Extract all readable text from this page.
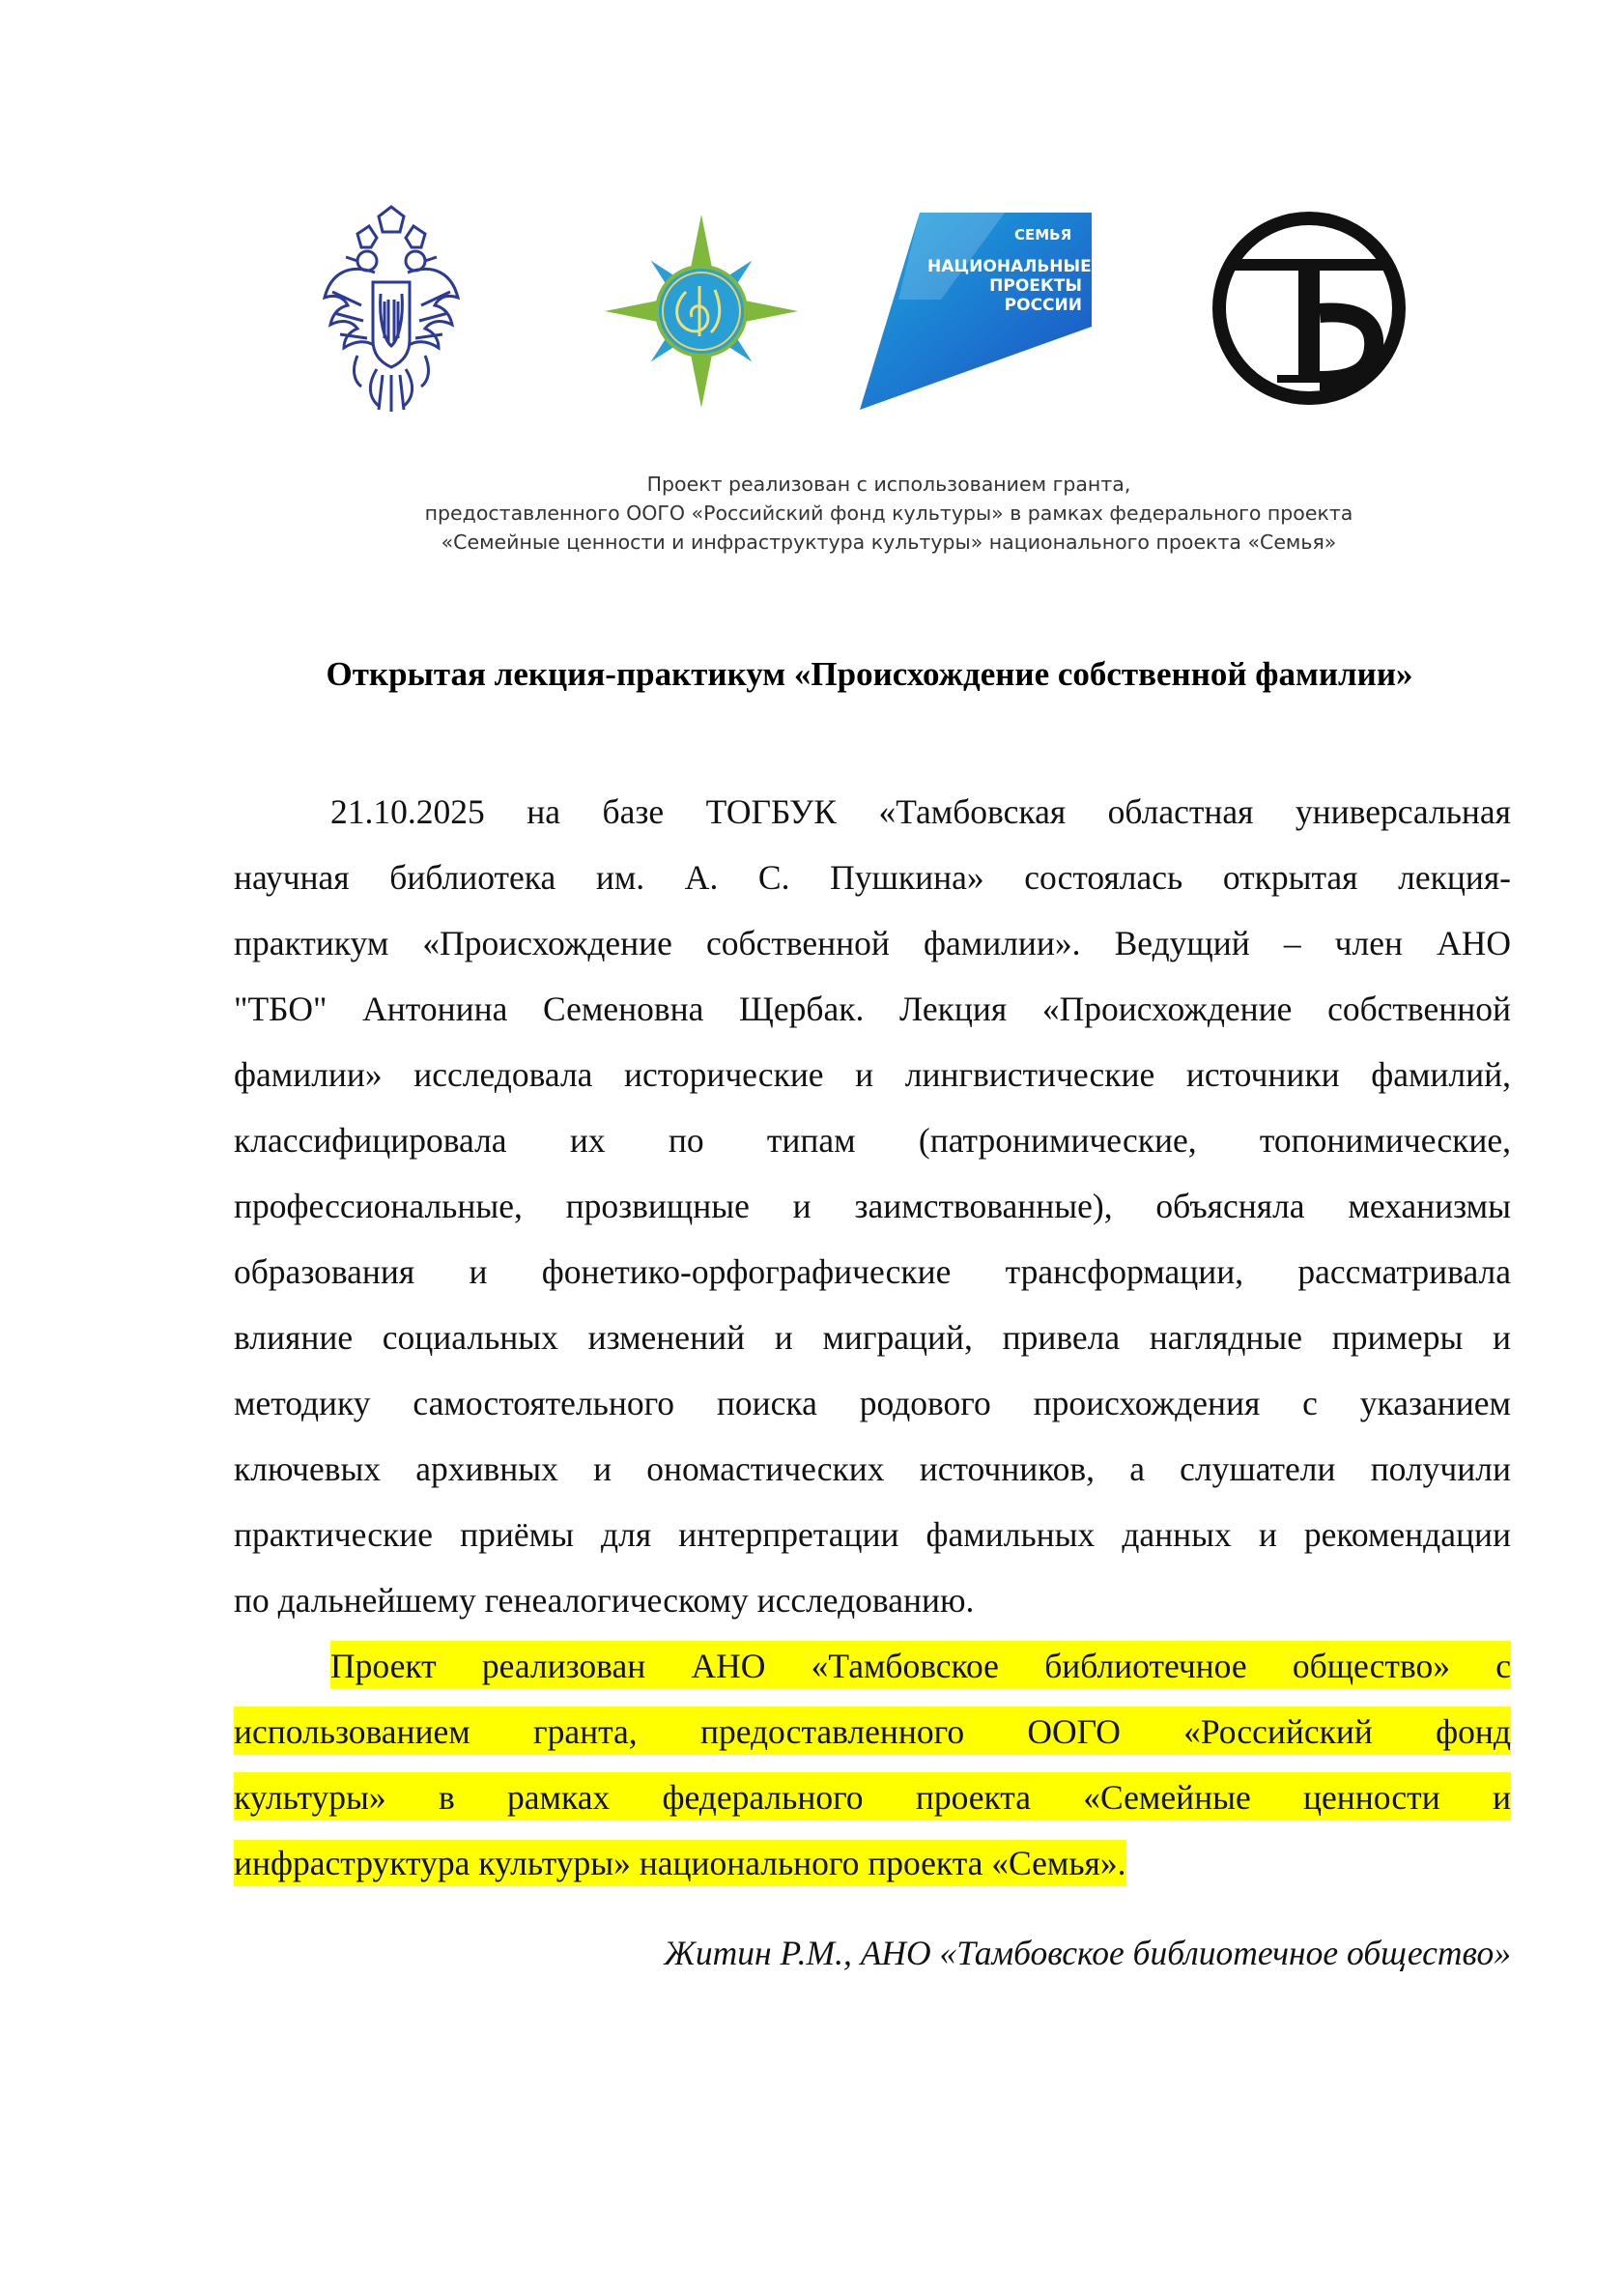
СЕМЬЯ
НАЦИОНАЛЬНЫЕ
ПРОЕКТЫ
РОССИИ
Проект реализован с использованием гранта,
предоставленного ООГО «Российский фонд культуры» в рамках федерального проекта
«Семейные ценности и инфраструктура культуры» национального проекта «Семья»
Открытая лекция-практикум «Происхождение собственной фамилии»
21.10.2025 на базе ТОГБУК «Тамбовская областная универсальная
научная библиотека им. А. С. Пушкина» состоялась открытая лекция-
практикум «Происхождение собственной фамилии». Ведущий – член АНО
"ТБО" Антонина Семеновна Щербак. Лекция «Происхождение собственной
фамилии» исследовала исторические и лингвистические источники фамилий,
классифицировала их по типам (патронимические, топонимические,
профессиональные, прозвищные и заимствованные), объясняла механизмы
образования и фонетико-орфографические трансформации, рассматривала
влияние социальных изменений и миграций, привела наглядные примеры и
методику самостоятельного поиска родового происхождения с указанием
ключевых архивных и ономастических источников, а слушатели получили
практические приёмы для интерпретации фамильных данных и рекомендации
по дальнейшему генеалогическому исследованию.
Проект реализован АНО «Тамбовское библиотечное общество» с
использованием гранта, предоставленного ООГО «Российский фонд
культуры» в рамках федерального проекта «Семейные ценности и
инфраструктура культуры» национального проекта «Семья».
Житин Р.М., АНО «Тамбовское библиотечное общество»
